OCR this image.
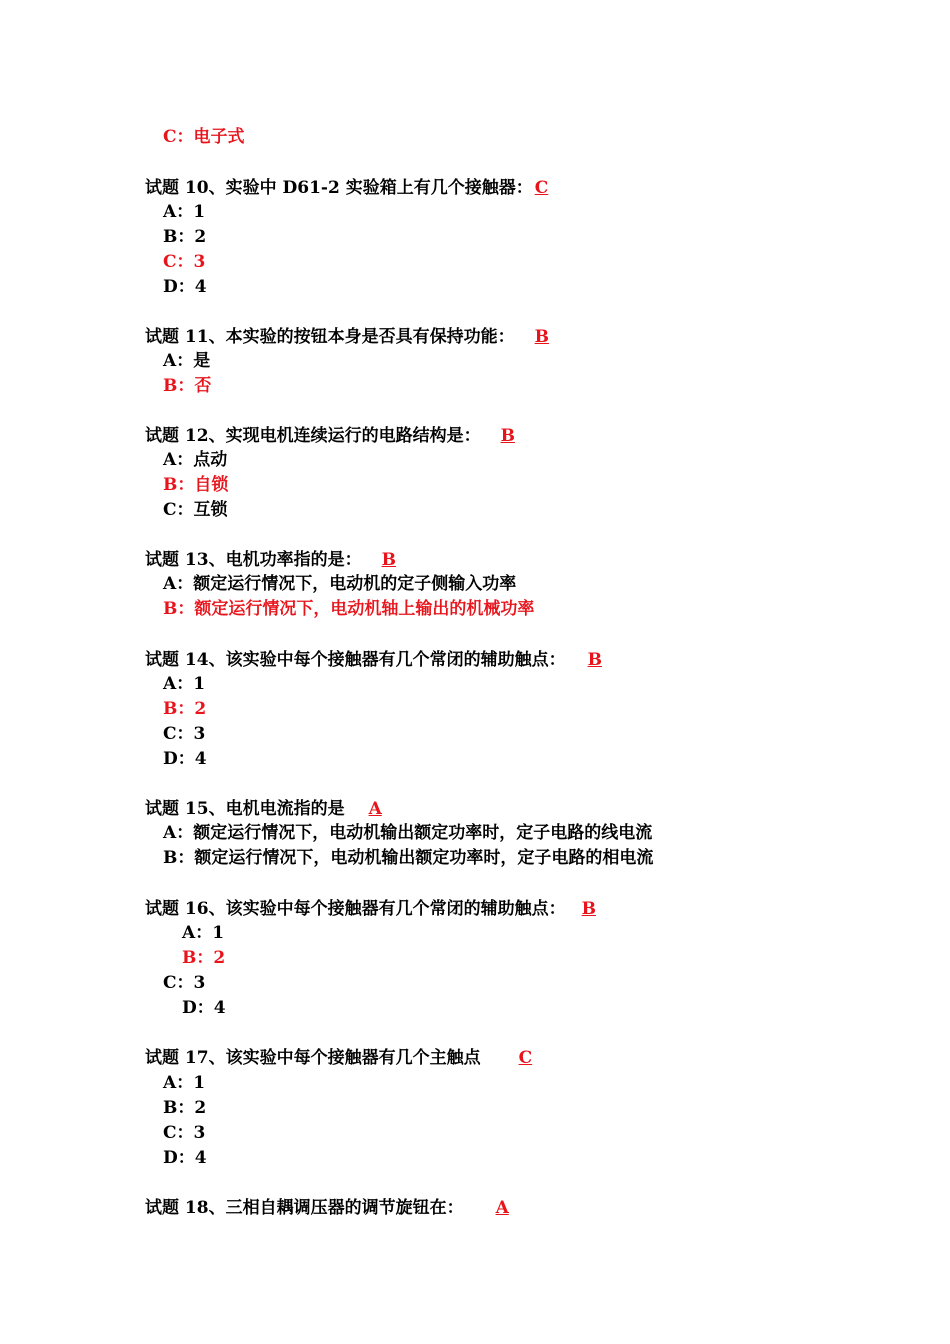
C：电子式
试题 10、实验中 D61-2 实验箱上有几个接触器： C
A：1
B：2
C：3
D：4
试题 11、本实验的按钮本身是否具有保持功能： B
A：是
B：否
试题 12、实现电机连续运行的电路结构是： B
A：点动
B：自锁
C：互锁
试题 13、电机功率指的是： B
A：额定运行情况下，电动机的定子侧输入功率
B：额定运行情况下，电动机轴上输出的机械功率
试题 14、该实验中每个接触器有几个常闭的辅助触点： B
A：1
B：2
C：3
D：4
试题 15、电机电流指的是 A
A：额定运行情况下，电动机输出额定功率时，定子电路的线电流
B：额定运行情况下，电动机输出额定功率时，定子电路的相电流
试题 16、该实验中每个接触器有几个常闭的辅助触点： B
A：1
B：2
C：3
D：4
试题 17、该实验中每个接触器有几个主触点 C
A：1
B：2
C：3
D：4
试题 18、三相自耦调压器的调节旋钮在： A
